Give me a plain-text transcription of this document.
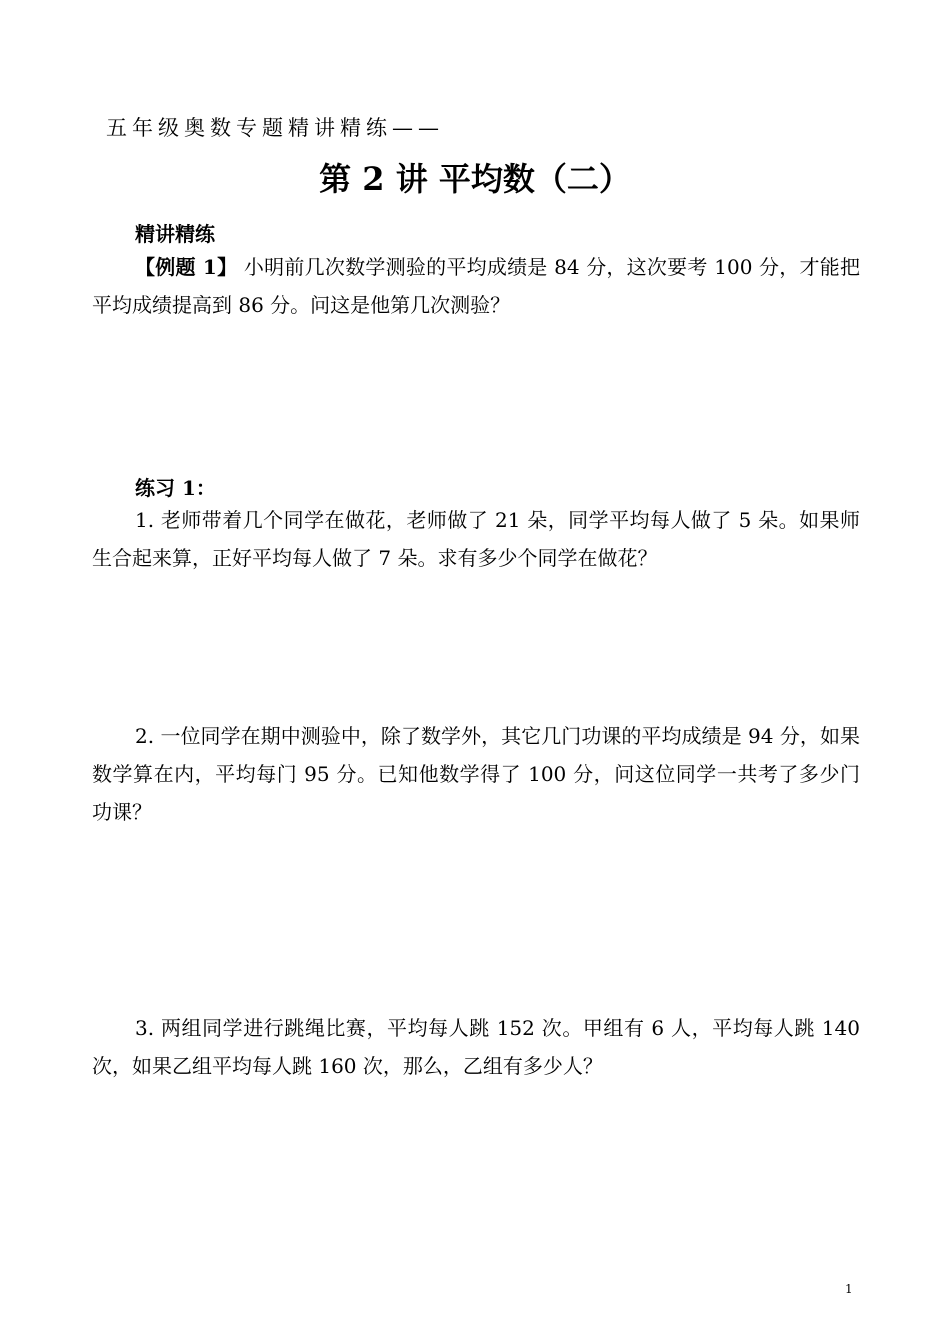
五年级奥数专题精讲精练——
第 2 讲 平均数（二）
精讲精练

【例题 1】 小明前几次数学测验的平均成绩是 84 分，这次要考 100 分，才能把平均成绩提高到 86 分。问这是他第几次测验？

练习 1：

1. 老师带着几个同学在做花，老师做了 21 朵，同学平均每人做了 5 朵。如果师生合起来算，正好平均每人做了 7 朵。求有多少个同学在做花？

2. 一位同学在期中测验中，除了数学外，其它几门功课的平均成绩是 94 分，如果数学算在内，平均每门 95 分。已知他数学得了 100 分，问这位同学一共考了多少门功课？

3. 两组同学进行跳绳比赛，平均每人跳 152 次。甲组有 6 人，平均每人跳 140 次，如果乙组平均每人跳 160 次，那么，乙组有多少人？

1
